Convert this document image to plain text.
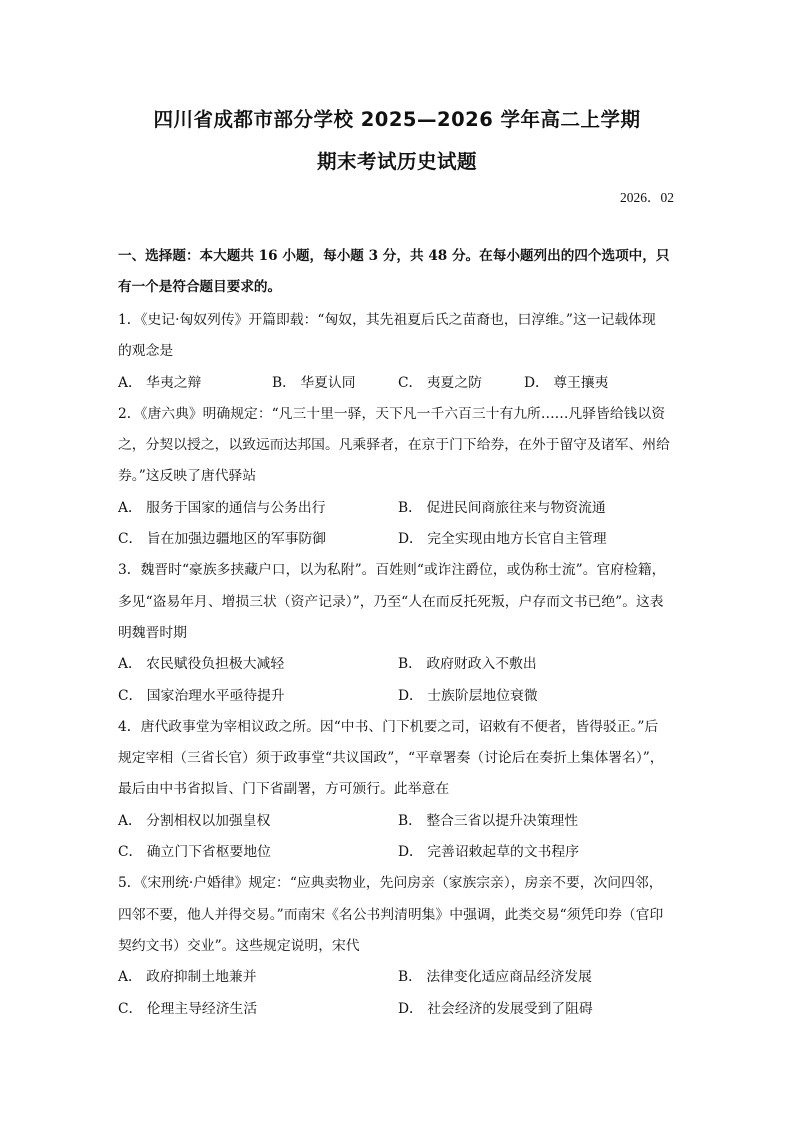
四川省成都市部分学校 2025—2026 学年高二上学期
期末考试历史试题
2026．02
一、选择题：本大题共 16 小题，每小题 3 分，共 48 分。在每小题列出的四个选项中，只
有一个是符合题目要求的。
1．《史记·匈奴列传》开篇即载：“匈奴，其先祖夏后氏之苗裔也，曰淳维。”这一记载体现
的观念是
A． 华夷之辩	B． 华夏认同	C． 夷夏之防	D． 尊王攘夷
2．《唐六典》明确规定：“凡三十里一驿，天下凡一千六百三十有九所……凡驿皆给钱以资
之，分契以授之，以致远而达邦国。凡乘驿者，在京于门下给券，在外于留守及诸军、州给
券。”这反映了唐代驿站
A． 服务于国家的通信与公务出行	B． 促进民间商旅往来与物资流通
C． 旨在加强边疆地区的军事防御	D． 完全实现由地方长官自主管理
3．魏晋时“豪族多挟藏户口，以为私附”。百姓则“或诈注爵位，或伪称士流”。官府检籍，
多见“盗易年月、增损三状（资产记录）”，乃至“人在而反托死叛，户存而文书已绝”。这表
明魏晋时期
A． 农民赋役负担极大减轻	B． 政府财政入不敷出
C． 国家治理水平亟待提升	D． 士族阶层地位衰微
4．唐代政事堂为宰相议政之所。因“中书、门下机要之司，诏敕有不便者，皆得驳正。”后
规定宰相（三省长官）须于政事堂“共议国政”，“平章署奏（讨论后在奏折上集体署名）”，
最后由中书省拟旨、门下省副署，方可颁行。此举意在
A． 分割相权以加强皇权	B． 整合三省以提升决策理性
C． 确立门下省枢要地位	D． 完善诏敕起草的文书程序
5．《宋刑统·户婚律》规定：“应典卖物业，先问房亲（家族宗亲），房亲不要，次问四邻，
四邻不要，他人并得交易。”而南宋《名公书判清明集》中强调，此类交易“须凭印券（官印
契约文书）交业”。这些规定说明，宋代
A． 政府抑制土地兼并	B． 法律变化适应商品经济发展
C． 伦理主导经济生活	D． 社会经济的发展受到了阻碍
